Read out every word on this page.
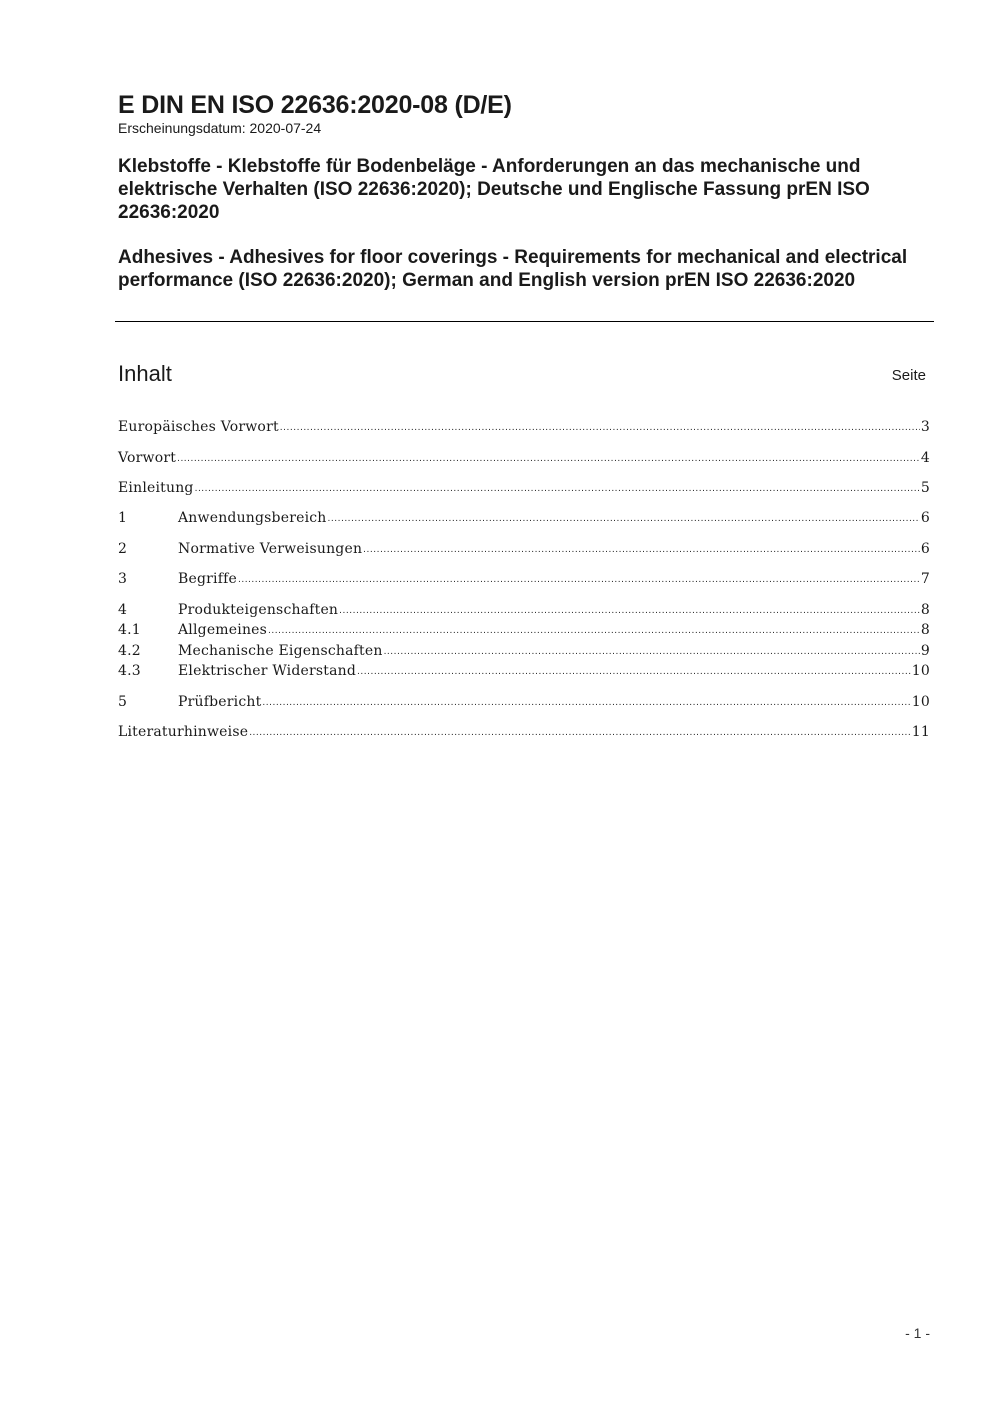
E DIN EN ISO 22636:2020-08 (D/E)

Erscheinungsdatum: 2020-07-24

Klebstoffe - Klebstoffe für Bodenbeläge - Anforderungen an das mechanische und elektrische Verhalten (ISO 22636:2020); Deutsche und Englische Fassung prEN ISO 22636:2020

Adhesives - Adhesives for floor coverings - Requirements for mechanical and electrical performance (ISO 22636:2020); German and English version prEN ISO 22636:2020

Inhalt	Seite
Europäisches Vorwort .....	3
Vorwort .....	4
Einleitung .....	5
1	Anwendungsbereich .....	6
2	Normative Verweisungen .....	6
3	Begriffe .....	7
4	Produkteigenschaften .....	8
4.1	Allgemeines .....	8
4.2	Mechanische Eigenschaften .....	9
4.3	Elektrischer Widerstand .....	10
5	Prüfbericht .....	10
Literaturhinweise .....	11
- 1 -
